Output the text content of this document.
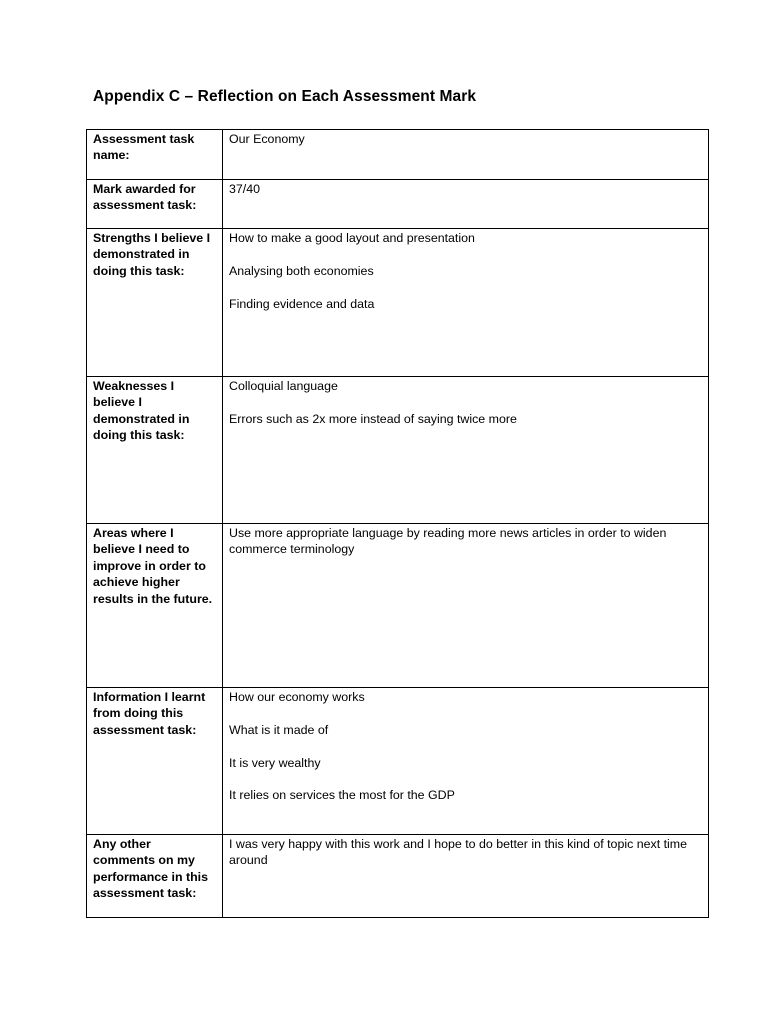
Appendix C – Reflection on Each Assessment Mark
Assessment task name:	Our Economy

Mark awarded for assessment task:	37/40

Strengths I believe I demonstrated in doing this task:	How to make a good layout and presentation
Analysing both economies
Finding evidence and data

Weaknesses I believe I demonstrated in doing this task:	Colloquial language
Errors such as 2x more instead of saying twice more

Areas where I believe I need to improve in order to achieve higher results in the future.	Use more appropriate language by reading more news articles in order to widen commerce terminology

Information I learnt from doing this assessment task:	How our economy works
What is it made of
It is very wealthy
It relies on services the most for the GDP

Any other comments on my performance in this assessment task:	I was very happy with this work and I hope to do better in this kind of topic next time around
